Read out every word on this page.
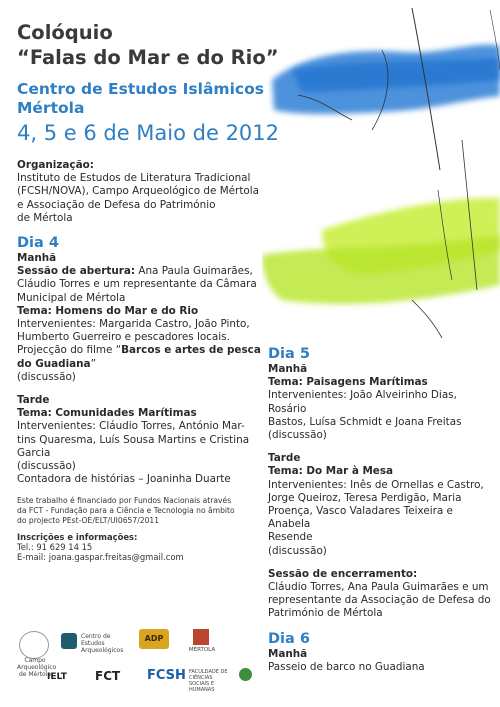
Colóquio
“Falas do Mar e do Rio”
Centro de Estudos Islâmicos
Mértola
4, 5 e 6 de Maio de 2012

Organização:

Instituto de Estudos de Literatura Tradicional

(FCSH/NOVA), Campo Arqueológico de Mértola

e Associação de Defesa do Património

de Mértola

Dia 4

Manhã

Sessão de abertura: Ana Paula Guimarães,

Cláudio Torres e um representante da Câmara

Municipal de Mértola

Tema: Homens do Mar e do Rio

Intervenientes: Margarida Castro, João Pinto,

Humberto Guerreiro e pescadores locais.

Projecção do filme “Barcos e artes de pesca

do Guadiana”

(discussão)

Tarde

Tema: Comunidades Marítimas

Intervenientes: Cláudio Torres, António Mar-

tins Quaresma, Luís Sousa Martins e Cristina

Garcia

(discussão)

Contadora de histórias – Joaninha Duarte

Este trabalho é financiado por Fundos Nacionais através

da FCT - Fundação para a Ciência e Tecnologia no âmbito

do projecto PEst-OE/ELT/UI0657/2011

Inscrições e informações:

Tel.: 91 629 14 15

E-mail: joana.gaspar.freitas@gmail.com

Campo Arqueológico de Mértola
Centro de Estudos Arqueológicos
ADP
MÉRTOLA
IELT FCT FCSH FACULDADE DE CIÊNCIAS SOCIAIS E HUMANAS

Dia 5

Manhã

Tema: Paisagens Marítimas

Intervenientes: João Alveirinho Dias, Rosário

Bastos, Luísa Schmidt e Joana Freitas

(discussão)

Tarde

Tema: Do Mar à Mesa

Intervenientes: Inês de Ornellas e Castro,

Jorge Queiroz, Teresa Perdigão, Maria

Proença, Vasco Valadares Teixeira e Anabela

Resende

(discussão)

Sessão de encerramento:

Cláudio Torres, Ana Paula Guimarães e um

representante da Associação de Defesa do

Património de Mértola

Dia 6

Manhã

Passeio de barco no Guadiana
